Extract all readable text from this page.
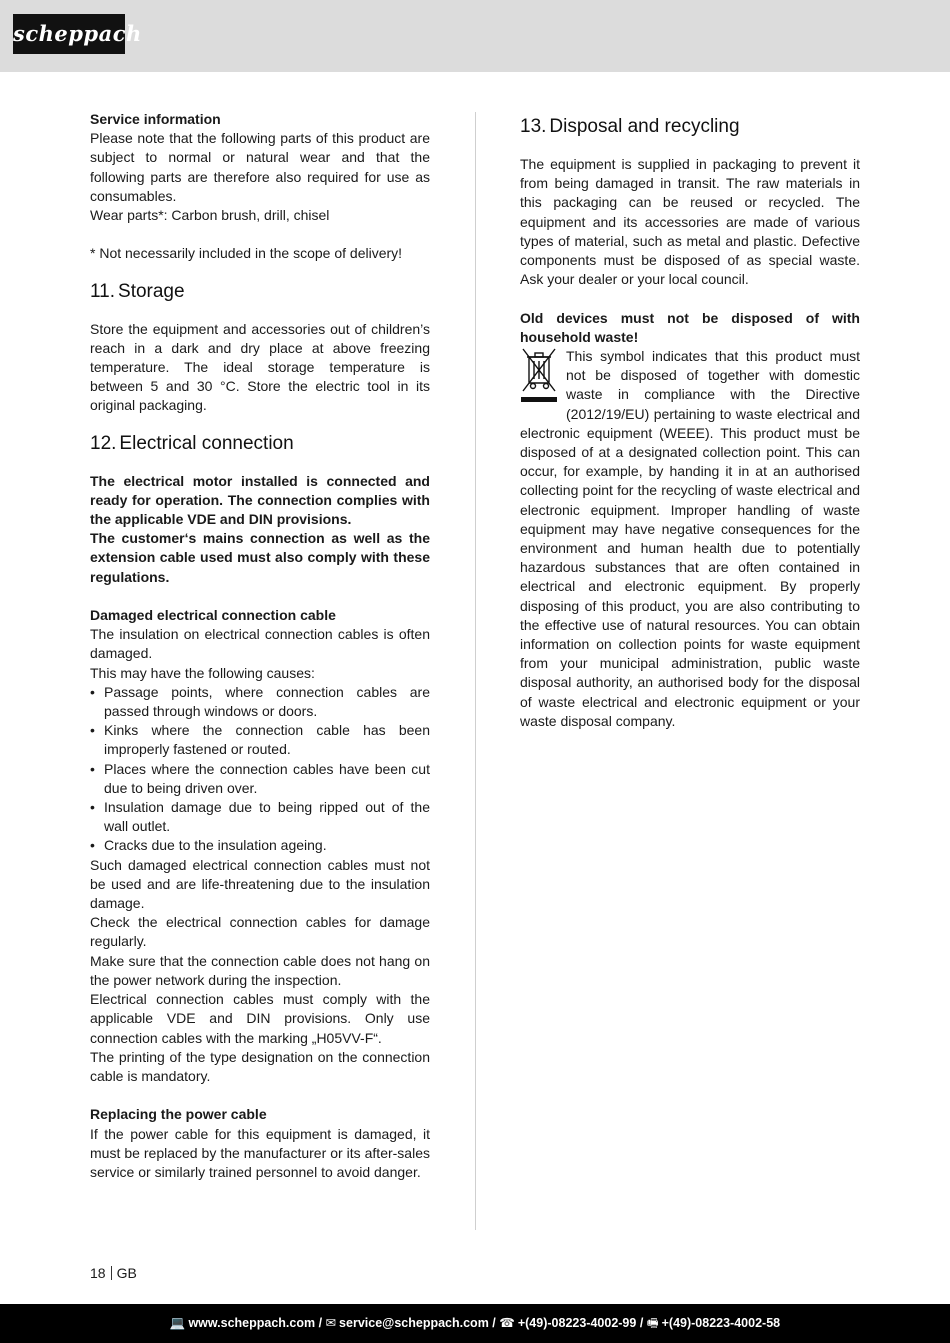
scheppach

Service information

Please note that the following parts of this product are subject to normal or natural wear and that the following parts are therefore also required for use as consumables.

Wear parts*: Carbon brush, drill, chisel

* Not necessarily included in the scope of delivery!

11. Storage

Store the equipment and accessories out of children’s reach in a dark and dry place at above freezing temperature. The ideal storage temperature is between 5 and 30 °C. Store the electric tool in its original packaging.

12. Electrical connection

The electrical motor installed is connected and ready for operation. The connection complies with the applicable VDE and DIN provisions.

The customer‘s mains connection as well as the extension cable used must also comply with these regulations.

Damaged electrical connection cable

The insulation on electrical connection cables is often damaged.

This may have the following causes:

• Passage points, where connection cables are passed through windows or doors.
• Kinks where the connection cable has been improperly fastened or routed.
• Places where the connection cables have been cut due to being driven over.
• Insulation damage due to being ripped out of the wall outlet.
• Cracks due to the insulation ageing.

Such damaged electrical connection cables must not be used and are life-threatening due to the insulation damage.

Check the electrical connection cables for damage regularly.

Make sure that the connection cable does not hang on the power network during the inspection.

Electrical connection cables must comply with the applicable VDE and DIN provisions. Only use connection cables with the marking „H05VV-F“.

The printing of the type designation on the connection cable is mandatory.

Replacing the power cable

If the power cable for this equipment is damaged, it must be replaced by the manufacturer or its after-sales service or similarly trained personnel to avoid danger.

13. Disposal and recycling

The equipment is supplied in packaging to prevent it from being damaged in transit. The raw materials in this packaging can be reused or recycled. The equipment and its accessories are made of various types of material, such as metal and plastic. Defective components must be disposed of as special waste. Ask your dealer or your local council.

Old devices must not be disposed of with household waste!

This symbol indicates that this product must not be disposed of together with domestic waste in compliance with the Directive (2012/19/EU) pertaining to waste electrical and electronic equipment (WEEE). This product must be disposed of at a designated collection point. This can occur, for example, by handing it in at an authorised collecting point for the recycling of waste electrical and electronic equipment. Improper handling of waste equipment may have negative consequences for the environment and human health due to potentially hazardous substances that are often contained in electrical and electronic equipment. By properly disposing of this product, you are also contributing to the effective use of natural resources. You can obtain information on collection points for waste equipment from your municipal administration, public waste disposal authority, an authorised body for the disposal of waste electrical and electronic equipment or your waste disposal company.

18 GB
💻 www.scheppach.com / ✉ service@scheppach.com / ☎ +(49)-08223-4002-99 / 🖷 +(49)-08223-4002-58
